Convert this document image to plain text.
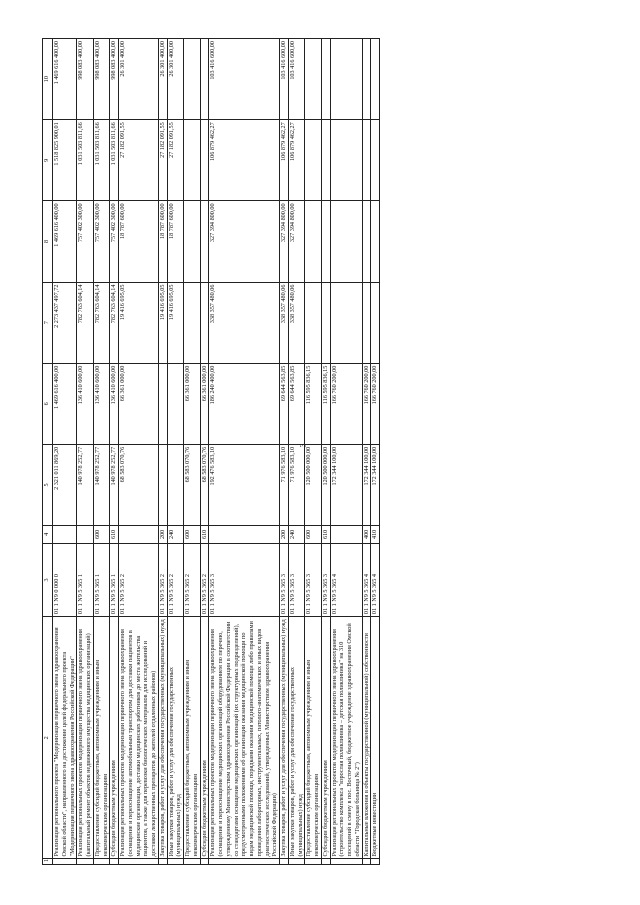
3
1	2	3	4	5	6	7	8	9	10
	Реализация регионального проекта "Модернизация первичного звена здравоохранения Омской области", направленного на достижение целей федерального проекта "Модернизация первичного звена здравоохранения Российской Федерации"	01 1 N9 0 000 0		2 321 011 869,20	1 469 616 400,00	2 273 437 497,72	1 469 616 400,00	1 518 825 900,01	1 469 616 400,00
	Реализация региональных проектов модернизации первичного звена здравоохранения (капитальный ремонт объектов недвижимого имущества медицинских организаций)	01 1 N9 5 365 1		140 978 252,77	136 410 600,00	782 763 604,14	757 402 300,00	1 031 503 811,66	998 083 400,00
	Предоставление субсидий бюджетным, автономным учреждениям и иным некоммерческим организациям	01 1 N9 5 365 1	600	140 978 252,77	136 410 600,00	782 763 604,14	757 402 300,00	1 031 503 811,66	998 083 400,00
	Субсидии бюджетным учреждениям	01 1 N9 5 365 1	610	140 978 252,77	136 410 600,00	782 763 604,14	757 402 300,00	1 031 503 811,66	998 083 400,00
	Реализация региональных проектов модернизации первичного звена здравоохранения (оснащение и переоснащение автомобильным транспортом для доставки пациентов в медицинские организации, доставки медицинских работников до места жительства пациентов, а также для перевозки биологических материалов для исследований и доставки лекарственных препаратов до жителей отдаленных районов)	01 1 N9 5 365 2		68 583 070,76	66 361 000,00	19 416 695,05	18 787 600,00	27 182 091,55	26 301 400,00
	Закупка товаров, работ и услуг для обеспечения государственных (муниципальных) нужд	01 1 N9 5 365 2	200			19 416 695,05	18 787 600,00	27 182 091,55	26 301 400,00
	Иные закупки товаров, работ и услуг для обеспечения государственных (муниципальных) нужд	01 1 N9 5 365 2	240			19 416 695,05	18 787 600,00	27 182 091,55	26 301 400,00
	Предоставление субсидий бюджетным, автономным учреждениям и иным некоммерческим организациям	01 1 N9 5 365 2	600	68 583 070,76	66 361 000,00				
	Субсидии бюджетным учреждениям	01 1 N9 5 365 2	610	68 583 070,76	66 361 000,00				
	Реализация региональных проектов модернизации первичного звена здравоохранения (оснащение и переоснащение медицинских организаций оборудованием по перечню, утвержденному Министерством здравоохранения Российской Федерации в соответствии со стандартами оснащения медицинских организаций (их структурных подразделений), предусмотренными положениями об организации оказания медицинской помощи по видам медицинской помощи, порядками оказания медицинской помощи либо правилами проведения лабораторных, инструментальных, патолого-анатомических и иных видов диагностических исследований, утвержденных Министерством здравоохранения Российской Федерации)	01 1 N9 5 365 3		192 476 583,10	186 240 400,00	338 357 480,06	327 394 800,00	106 879 462,27	103 416 600,00
	Закупка товаров, работ и услуг для обеспечения государственных (муниципальных) нужд	01 1 N9 5 365 3	200	71 976 583,10	69 644 563,85	338 357 480,06	327 394 800,00	106 879 462,27	103 416 600,00
	Иные закупки товаров, работ и услуг для обеспечения государственных (муниципальных) нужд	01 1 N9 5 365 3	240	71 976 583,10	69 644 563,85	338 357 480,06	327 394 800,00	106 879 462,27	103 416 600,00
	Предоставление субсидий бюджетным, автономным учреждениям и иным некоммерческим организациям	01 1 N9 5 365 3	600	120 500 000,00	116 595 836,15				
	Субсидии бюджетным учреждениям	01 1 N9 5 365 3	610	120 500 000,00	116 595 836,15				
	Реализация региональных проектов модернизации первичного звена здравоохранения (строительство комплекса "взрослая поликлиника – детская поликлиника" на 310 посещений в смену в пос. Восточный, бюджетное учреждение здравоохранения Омской области "Городская больница № 2")	01 1 N9 5 365 4		172 344 100,00	166 760 200,00				
	Капитальные вложения в объекты государственной (муниципальной) собственности	01 1 N9 5 365 4	400	172 344 100,00	166 760 200,00				
	Бюджетные инвестиции	01 1 N9 5 365 4	410	172 344 100,00	166 760 200,00				
